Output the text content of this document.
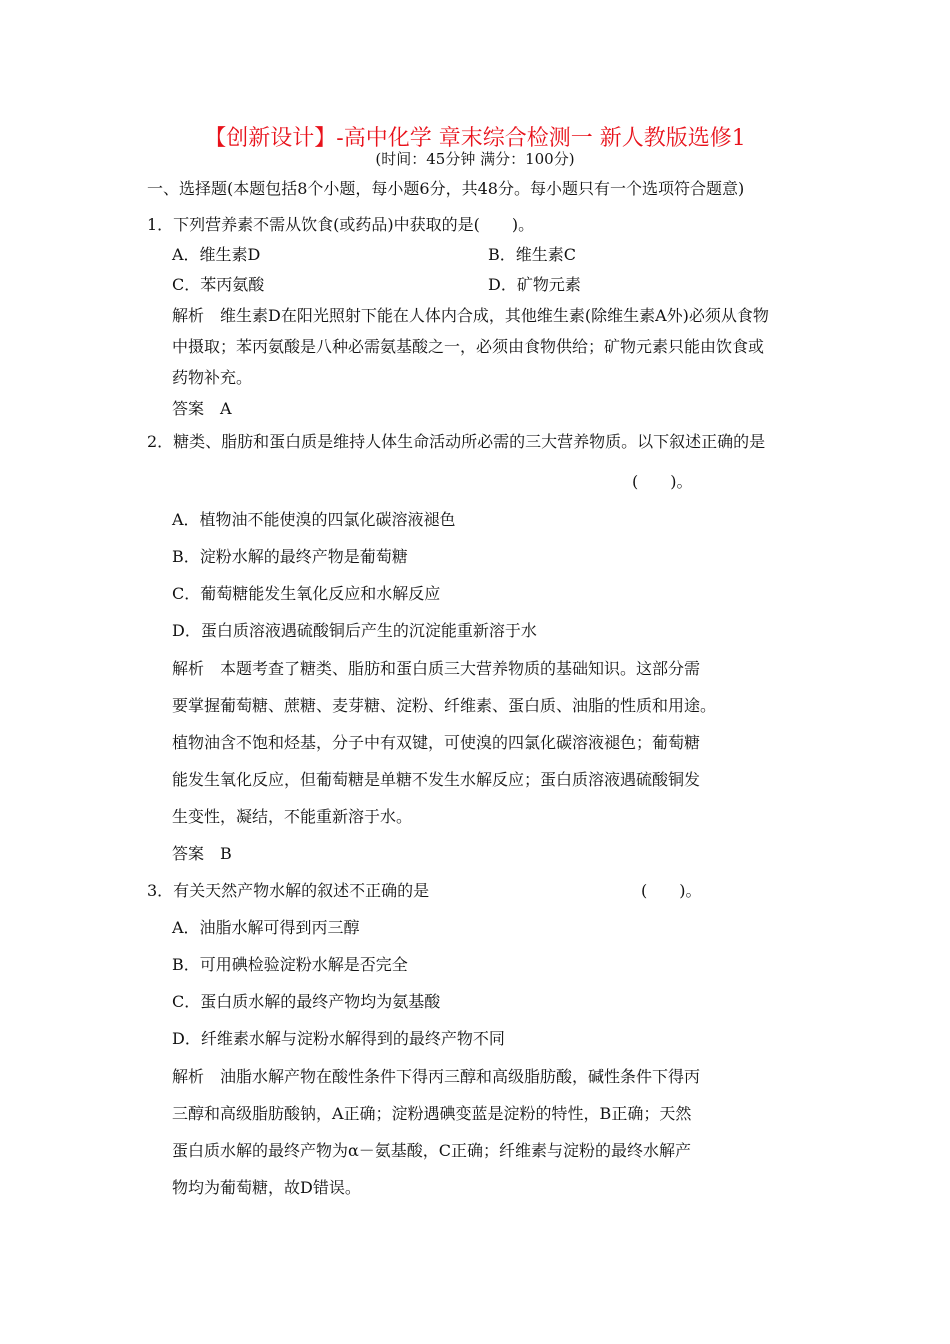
【创新设计】-高中化学 章末综合检测一 新人教版选修1
(时间：45分钟 满分：100分)
一、选择题(本题包括8个小题，每小题6分，共48分。每小题只有一个选项符合题意)
1．下列营养素不需从饮食(或药品)中获取的是(　　)。
A．维生素D	B．维生素C
C．苯丙氨酸	D．矿物元素
解析　维生素D在阳光照射下能在人体内合成，其他维生素(除维生素A外)必须从食物
中摄取；苯丙氨酸是八种必需氨基酸之一，必须由食物供给；矿物元素只能由饮食或
药物补充。
答案　A
2．糖类、脂肪和蛋白质是维持人体生命活动所必需的三大营养物质。以下叙述正确的是
(　　)。
A．植物油不能使溴的四氯化碳溶液褪色
B．淀粉水解的最终产物是葡萄糖
C．葡萄糖能发生氧化反应和水解反应
D．蛋白质溶液遇硫酸铜后产生的沉淀能重新溶于水
解析　本题考查了糖类、脂肪和蛋白质三大营养物质的基础知识。这部分需
要掌握葡萄糖、蔗糖、麦芽糖、淀粉、纤维素、蛋白质、油脂的性质和用途。
植物油含不饱和烃基，分子中有双键，可使溴的四氯化碳溶液褪色；葡萄糖
能发生氧化反应，但葡萄糖是单糖不发生水解反应；蛋白质溶液遇硫酸铜发
生变性，凝结，不能重新溶于水。
答案　B
3．有关天然产物水解的叙述不正确的是	(　　)。
A．油脂水解可得到丙三醇
B．可用碘检验淀粉水解是否完全
C．蛋白质水解的最终产物均为氨基酸
D．纤维素水解与淀粉水解得到的最终产物不同
解析　油脂水解产物在酸性条件下得丙三醇和高级脂肪酸，碱性条件下得丙
三醇和高级脂肪酸钠，A正确；淀粉遇碘变蓝是淀粉的特性，B正确；天然
蛋白质水解的最终产物为α－氨基酸，C正确；纤维素与淀粉的最终水解产
物均为葡萄糖，故D错误。
